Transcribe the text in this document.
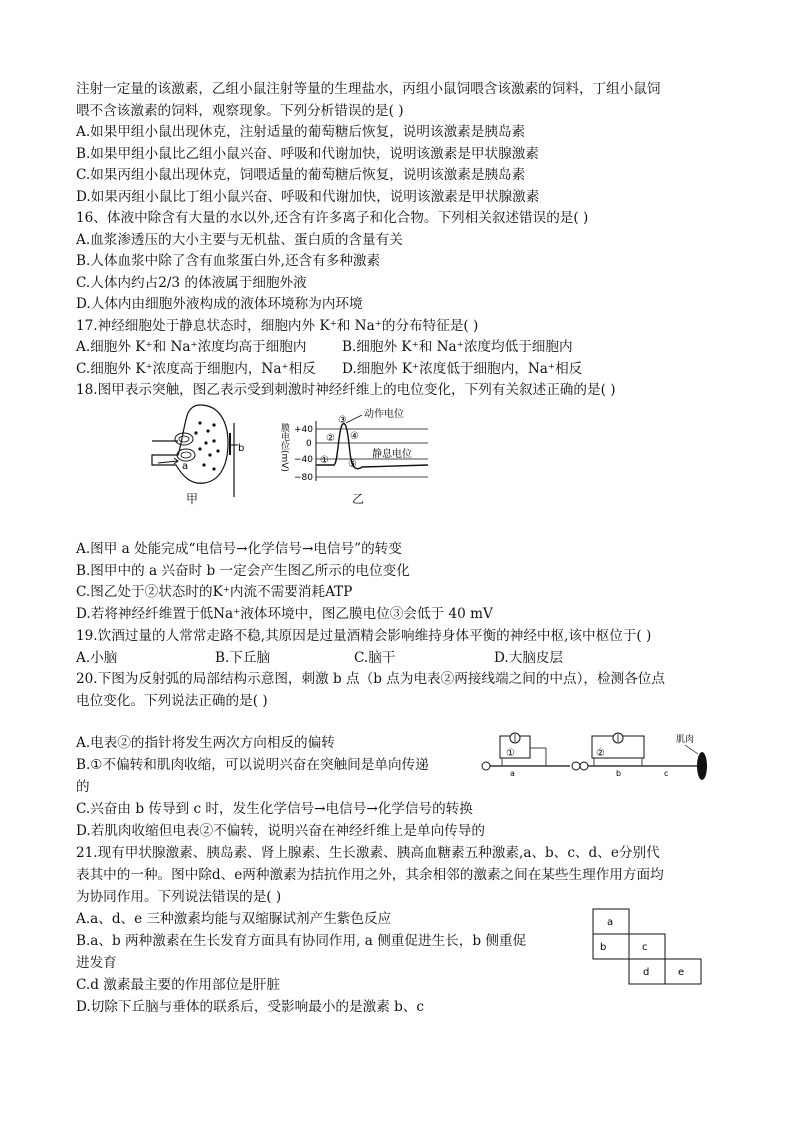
注射一定量的该激素，乙组小鼠注射等量的生理盐水，丙组小鼠饲喂含该激素的饲料，丁组小鼠饲
喂不含该激素的饲料，观察现象。下列分析错误的是( )
A.如果甲组小鼠出现休克，注射适量的葡萄糖后恢复，说明该激素是胰岛素
B.如果甲组小鼠比乙组小鼠兴奋、呼吸和代谢加快，说明该激素是甲状腺激素
C.如果丙组小鼠出现休克，饲喂适量的葡萄糖后恢复，说明该激素是胰岛素
D.如果丙组小鼠比丁组小鼠兴奋、呼吸和代谢加快，说明该激素是甲状腺激素
16、体液中除含有大量的水以外,还含有许多离子和化合物。下列相关叙述错误的是( )
A.血浆渗透压的大小主要与无机盐、蛋白质的含量有关
B.人体血浆中除了含有血浆蛋白外,还含有多种激素
C.人体内约占2/3 的体液属于细胞外液
D.人体内由细胞外液构成的液体环境称为内环境
17.神经细胞处于静息状态时，细胞内外 K⁺和 Na⁺的分布特征是( )
A.细胞外 K⁺和 Na⁺浓度均高于细胞内	B.细胞外 K⁺和 Na⁺浓度均低于细胞内
C.细胞外 K⁺浓度高于细胞内，Na⁺相反 D.细胞外 K⁺浓度低于细胞内，Na⁺相反
18.图甲表示突触，图乙表示受到刺激时神经纤维上的电位变化，下列有关叙述正确的是( )
a
b
甲
膜电位(mV) +40
0
−40
−80
①
②
③
④
⑤
动作电位
静息电位
乙
A.图甲 a 处能完成“电信号→化学信号→电信号”的转变
B.图甲中的 a 兴奋时 b 一定会产生图乙所示的电位变化
C.图乙处于②状态时的K⁺内流不需要消耗ATP
D.若将神经纤维置于低Na⁺液体环境中，图乙膜电位③会低于 40 mV
19.饮酒过量的人常常走路不稳,其原因是过量酒精会影响维持身体平衡的神经中枢,该中枢位于( )
A.小脑	B.下丘脑	C.脑干	D.大脑皮层
20.下图为反射弧的局部结构示意图，刺激 b 点（b 点为电表②两接线端之间的中点），检测各位点
电位变化。下列说法正确的是( )
肌肉
①
a
②
b	c
A.电表②的指针将发生两次方向相反的偏转
B.①不偏转和肌肉收缩，可以说明兴奋在突触间是单向传递
的
C.兴奋由 b 传导到 c 时，发生化学信号→电信号→化学信号的转换
D.若肌肉收缩但电表②不偏转，说明兴奋在神经纤维上是单向传导的
21.现有甲状腺激素、胰岛素、肾上腺素、生长激素、胰高血糖素五种激素,a、b、c、d、e分别代
表其中的一种。图中除d、e两种激素为拮抗作用之外，其余相邻的激素之间在某些生理作用方面均
为协同作用。下列说法错误的是( )
A.a、d、e 三种激素均能与双缩脲试剂产生紫色反应
B.a、b 两种激素在生长发育方面具有协同作用, a 侧重促进生长，b 侧重促
进发育
C.d 激素最主要的作用部位是肝脏
D.切除下丘脑与垂体的联系后，受影响最小的是激素 b、c
a
b	c
d	e
